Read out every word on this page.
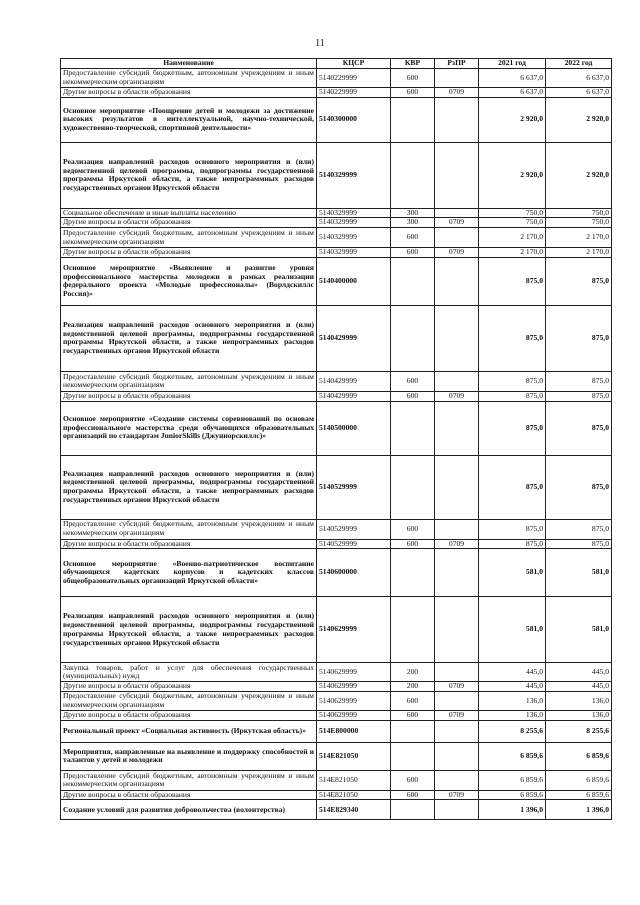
11
Наименование	КЦСР	КВР	РзПР	2021 год	2022 год
Предоставление субсидий бюджетным, автономным учреждениям и иным некоммерческим организациям	5140229999	600		6 637,0	6 637,0
Другие вопросы в области образования	5140229999	600	0709	6 637,0	6 637,0
Основное мероприятие «Поощрение детей и молодежи за достижение высоких результатов в интеллектуальной, научно-технической, художественно-творческой, спортивной деятельности»	5140300000			2 920,0	2 920,0
Реализация направлений расходов основного мероприятия и (или) ведомственной целевой программы, подпрограммы государственной программы Иркутской области, а также непрограммных расходов государственных органов Иркутской области	5140329999			2 920,0	2 920,0
Социальное обеспечение и иные выплаты населению	5140329999	300		750,0	750,0
Другие вопросы в области образования	5140329999	300	0709	750,0	750,0
Предоставление субсидий бюджетным, автономным учреждениям и иным некоммерческим организациям	5140329999	600		2 170,0	2 170,0
Другие вопросы в области образования	5140329999	600	0709	2 170,0	2 170,0
Основное мероприятие «Выявление и развитие уровня профессионального мастерства молодежи в рамках реализации федерального проекта «Молодые профессионалы» (Ворлдскиллс Россия)»	5140400000			875,0	875,0
Реализация направлений расходов основного мероприятия и (или) ведомственной целевой программы, подпрограммы государственной программы Иркутской области, а также непрограммных расходов государственных органов Иркутской области	5140429999			875,0	875,0
Предоставление субсидий бюджетным, автономным учреждениям и иным некоммерческим организациям	5140429999	600		875,0	875,0
Другие вопросы в области образования	5140429999	600	0709	875,0	875,0
Основное мероприятие «Создание системы соревнований по основам профессионального мастерства среди обучающихся образовательных организаций по стандартам JuniorSkills (Джуниорскиллс)»	5140500000			875,0	875,0
Реализация направлений расходов основного мероприятия и (или) ведомственной целевой программы, подпрограммы государственной программы Иркутской области, а также непрограммных расходов государственных органов Иркутской области	5140529999			875,0	875,0
Предоставление субсидий бюджетным, автономным учреждениям и иным некоммерческим организациям	5140529999	600		875,0	875,0
Другие вопросы в области образования	5140529999	600	0709	875,0	875,0
Основное мероприятие «Военно-патриотическое воспитание обучающихся кадетских корпусов и кадетских классов общеобразовательных организаций Иркутской области»	5140600000			581,0	581,0
Реализация направлений расходов основного мероприятия и (или) ведомственной целевой программы, подпрограммы государственной программы Иркутской области, а также непрограммных расходов государственных органов Иркутской области	5140629999			581,0	581,0
Закупка товаров, работ и услуг для обеспечения государственных (муниципальных) нужд	5140629999	200		445,0	445,0
Другие вопросы в области образования	5140629999	200	0709	445,0	445,0
Предоставление субсидий бюджетным, автономным учреждениям и иным некоммерческим организациям	5140629999	600		136,0	136,0
Другие вопросы в области образования	5140629999	600	0709	136,0	136,0
Региональный проект «Социальная активность (Иркутская область)»	514E800000			8 255,6	8 255,6
Мероприятия, направленные на выявление и поддержку способностей и талантов у детей и молодежи	514E821050			6 859,6	6 859,6
Предоставление субсидий бюджетным, автономным учреждениям и иным некоммерческим организациям	514E821050	600		6 859,6	6 859,6
Другие вопросы в области образования	514E821050	600	0709	6 859,6	6 859,6
Создание условий для развития добровольчества (волонтерства)	514E829340			1 396,0	1 396,0
